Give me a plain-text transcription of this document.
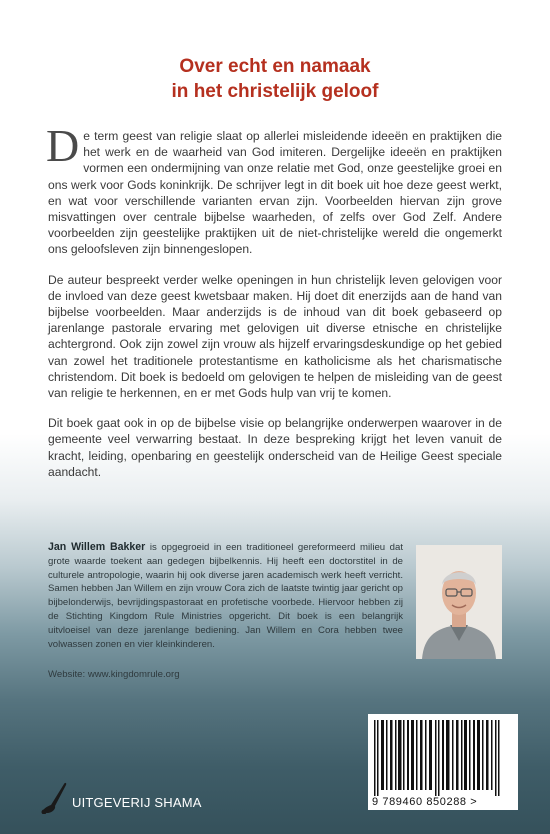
Over echt en namaak
in het christelijk geloof

De term geest van religie slaat op allerlei misleidende ideeën en praktijken die het werk en de waarheid van God imiteren. Dergelijke ideeën en praktijken vormen een ondermijning van onze relatie met God, onze geestelijke groei en ons werk voor Gods koninkrijk. De schrijver legt in dit boek uit hoe deze geest werkt, en wat voor verschillende varianten ervan zijn. Voorbeelden hiervan zijn grove misvattingen over centrale bijbelse waarheden, of zelfs over God Zelf. Andere voorbeelden zijn geestelijke praktijken uit de niet-christelijke wereld die ongemerkt ons geloofsleven zijn binnengeslopen.

De auteur bespreekt verder welke openingen in hun christelijk leven gelovigen voor de invloed van deze geest kwetsbaar maken. Hij doet dit enerzijds aan de hand van bijbelse voorbeelden. Maar anderzijds is de inhoud van dit boek gebaseerd op jarenlange pastorale ervaring met gelovigen uit diverse etnische en christelijke achtergrond. Ook zijn zowel zijn vrouw als hijzelf ervaringsdeskundige op het gebied van zowel het traditionele protestantisme en katholicisme als het charismatische christendom. Dit boek is bedoeld om gelovigen te helpen de misleiding van de geest van religie te herkennen, en er met Gods hulp van vrij te komen.

Dit boek gaat ook in op de bijbelse visie op belangrijke onderwerpen waarover in de gemeente veel verwarring bestaat. In deze bespreking krijgt het leven vanuit de kracht, leiding, openbaring en geestelijk onderscheid van de Heilige Geest speciale aandacht.

Jan Willem Bakker is opgegroeid in een traditioneel gereformeerd milieu dat grote waarde toekent aan gedegen bijbelkennis. Hij heeft een doctorstitel in de culturele antropologie, waarin hij ook diverse jaren academisch werk heeft verricht. Samen hebben Jan Willem en zijn vrouw Cora zich de laatste twintig jaar gericht op bijbelonderwijs, bevrijdingspastoraat en profetische voorbede. Hiervoor hebben zij de Stichting Kingdom Rule Ministries opgericht. Dit boek is een belangrijk uitvloeisel van deze jarenlange bediening. Jan Willem en Cora hebben twee volwassen zonen en vier kleinkinderen.
Website: www.kingdomrule.org
UITGEVERIJ SHAMA	9 789460 850288 >
